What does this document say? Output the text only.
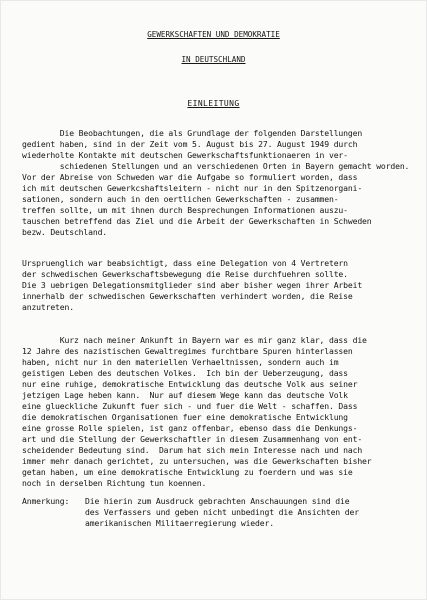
GEWERKSCHAFTEN UND DEMOKRATIE
IN DEUTSCHLAND
EINLEITUNG
Die Beobachtungen, die als Grundlage der folgenden Darstellungen
gedient haben, sind in der Zeit vom 5. August bis 27. August 1949 durch
wiederholte Kontakte mit deutschen Gewerkschaftsfunktionaeren in ver-
schiedenen Stellungen und an verschiedenen Orten in Bayern gemacht worden.
Vor der Abreise von Schweden war die Aufgabe so formuliert worden, dass
ich mit deutschen Gewerkcshaftsleitern - nicht nur in den Spitzenorgani-
sationen, sondern auch in den oertlichen Gewerkschaften - zusammen-
treffen sollte, um mit ihnen durch Besprechungen Informationen auszu-
tauschen betreffend das Ziel und die Arbeit der Gewerkschaften in Schweden
bezw. Deutschland.
Urspruenglich war beabsichtigt, dass eine Delegation von 4 Vertretern
der schwedischen Gewerkschaftsbewegung die Reise durchfuehren sollte.
Die 3 uebrigen Delegationsmitglieder sind aber bisher wegen ihrer Arbeit
innerhalb der schwedischen Gewerkschaften verhindert worden, die Reise
anzutreten.
Kurz nach meiner Ankunft in Bayern war es mir ganz klar, dass die
12 Jahre des nazistischen Gewaltregimes furchtbare Spuren hinterlassen
haben, nicht nur in den materiellen Verhaeltnissen, sondern auch im
geistigen Leben des deutschen Volkes.  Ich bin der Ueberzeugung, dass
nur eine ruhige, demokratische Entwicklung das deutsche Volk aus seiner
jetzigen Lage heben kann.  Nur auf diesem Wege kann das deutsche Volk
eine glueckliche Zukunft fuer sich - und fuer die Welt - schaffen. Dass
die demokratischen Organisationen fuer eine demokratische Entwicklung
eine grosse Rolle spielen, ist ganz offenbar, ebenso dass die Denkungs-
art und die Stellung der Gewerkschaftler in diesem Zusammenhang von ent-
scheidender Bedeutung sind.  Darum hat sich mein Interesse nach und nach
immer mehr danach gerichtet, zu untersuchen, was die Gewerkschaften bisher
getan haben, um eine demokratische Entwicklung zu foerdern und was sie
noch in derselben Richtung tun koennen.
Anmerkung: Die hierin zum Ausdruck gebrachten Anschauungen sind die
des Verfassers und geben nicht unbedingt die Ansichten der
amerikanischen Militaerregierung wieder.
